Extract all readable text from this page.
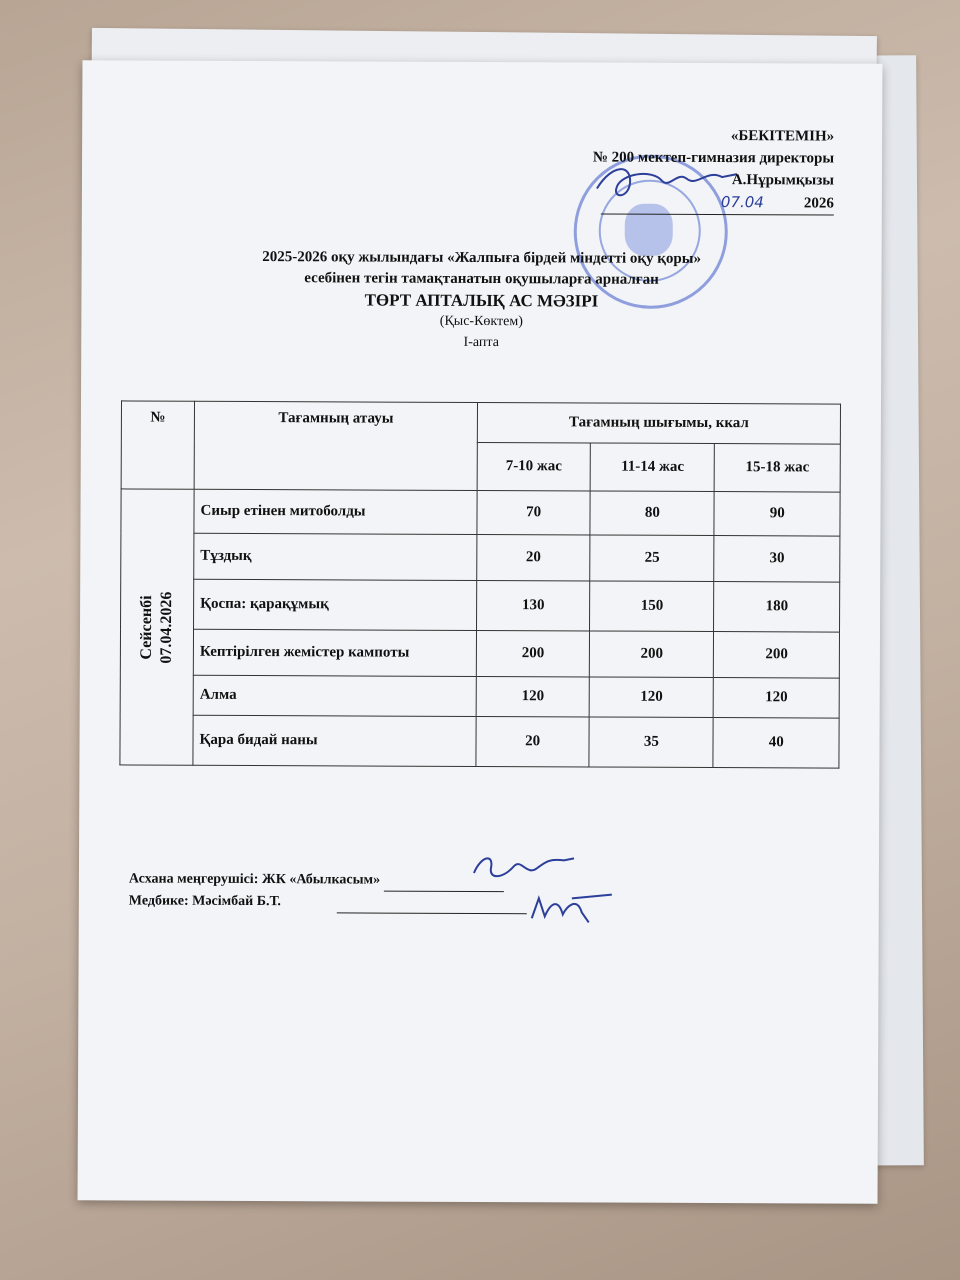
«БЕКІТЕМІН»
№ 200 мектеп-гимназия директоры
А.Нұрымқызы
07.04	2026
2025-2026 оқу жылындағы «Жалпыға бірдей міндетті оқу қоры»
есебінен тегін тамақтанатын оқушыларға арналған
ТӨРТ АПТАЛЫҚ АС МӘЗІРІ
(Қыс-Көктем)
І-апта
№	Тағамның атауы	Тағамның шығымы, ккал		
		7-10 жас	11-14 жас	15-18 жас

Сейсенбі 07.04.2026	Сиыр етінен митоболды	70	80	90
	Тұздық	20	25	30
	Қоспа: қарақұмық	130	150	180
	Кептірілген жемістер кампоты	200	200	200
	Алма	120	120	120
	Қара бидай наны	20	35	40
Асхана меңгерушісі: ЖК «Абылкасым»
Медбике: Мәсімбай Б.Т.
